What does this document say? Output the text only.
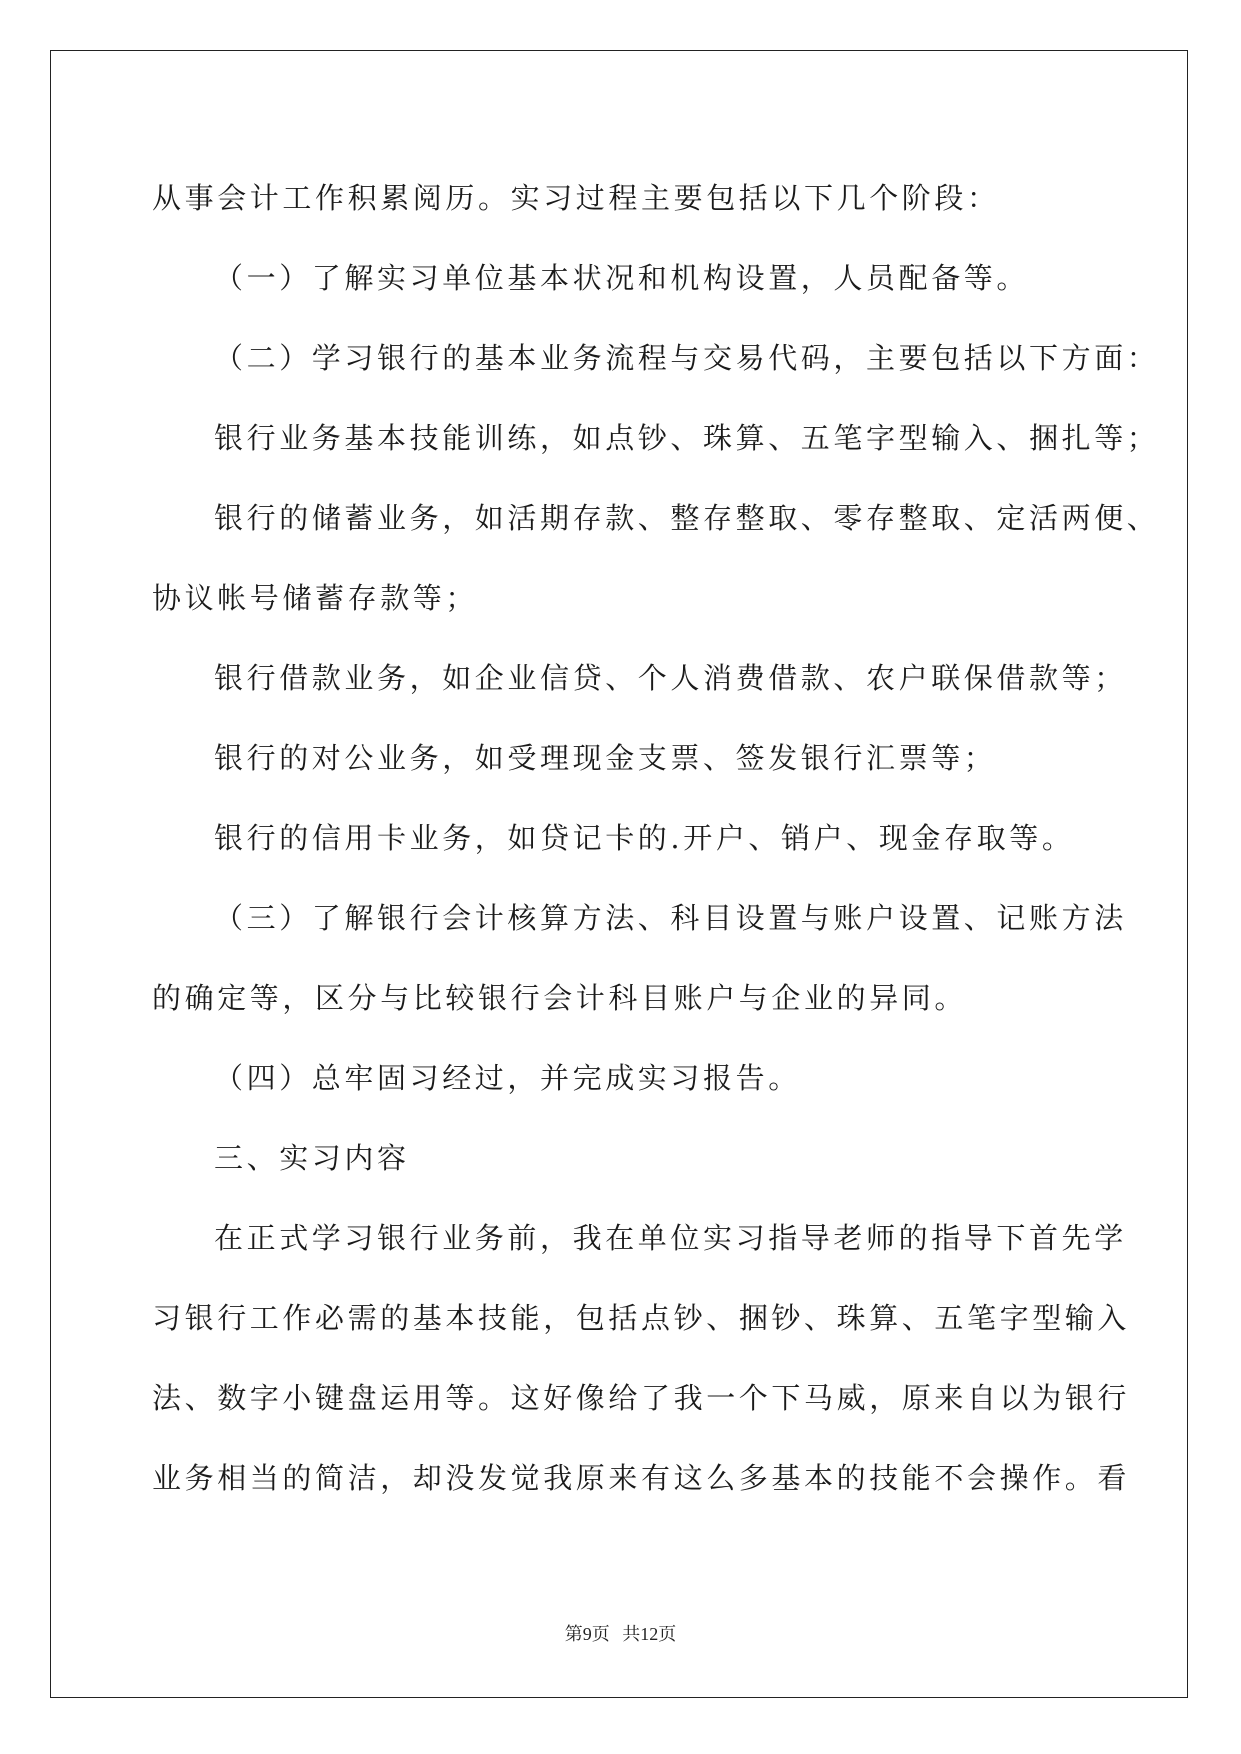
从事会计工作积累阅历。实习过程主要包括以下几个阶段：
（一）了解实习单位基本状况和机构设置，人员配备等。
（二）学习银行的基本业务流程与交易代码，主要包括以下方面：
银行业务基本技能训练，如点钞、珠算、五笔字型输入、捆扎等；
银行的储蓄业务，如活期存款、整存整取、零存整取、定活两便、
协议帐号储蓄存款等；
银行借款业务，如企业信贷、个人消费借款、农户联保借款等；
银行的对公业务，如受理现金支票、签发银行汇票等；
银行的信用卡业务，如贷记卡的.开户、销户、现金存取等。
（三）了解银行会计核算方法、科目设置与账户设置、记账方法
的确定等，区分与比较银行会计科目账户与企业的异同。
（四）总牢固习经过，并完成实习报告。
三、实习内容
在正式学习银行业务前，我在单位实习指导老师的指导下首先学
习银行工作必需的基本技能，包括点钞、捆钞、珠算、五笔字型输入
法、数字小键盘运用等。这好像给了我一个下马威，原来自以为银行
业务相当的简洁，却没发觉我原来有这么多基本的技能不会操作。看
第9页 共12页
